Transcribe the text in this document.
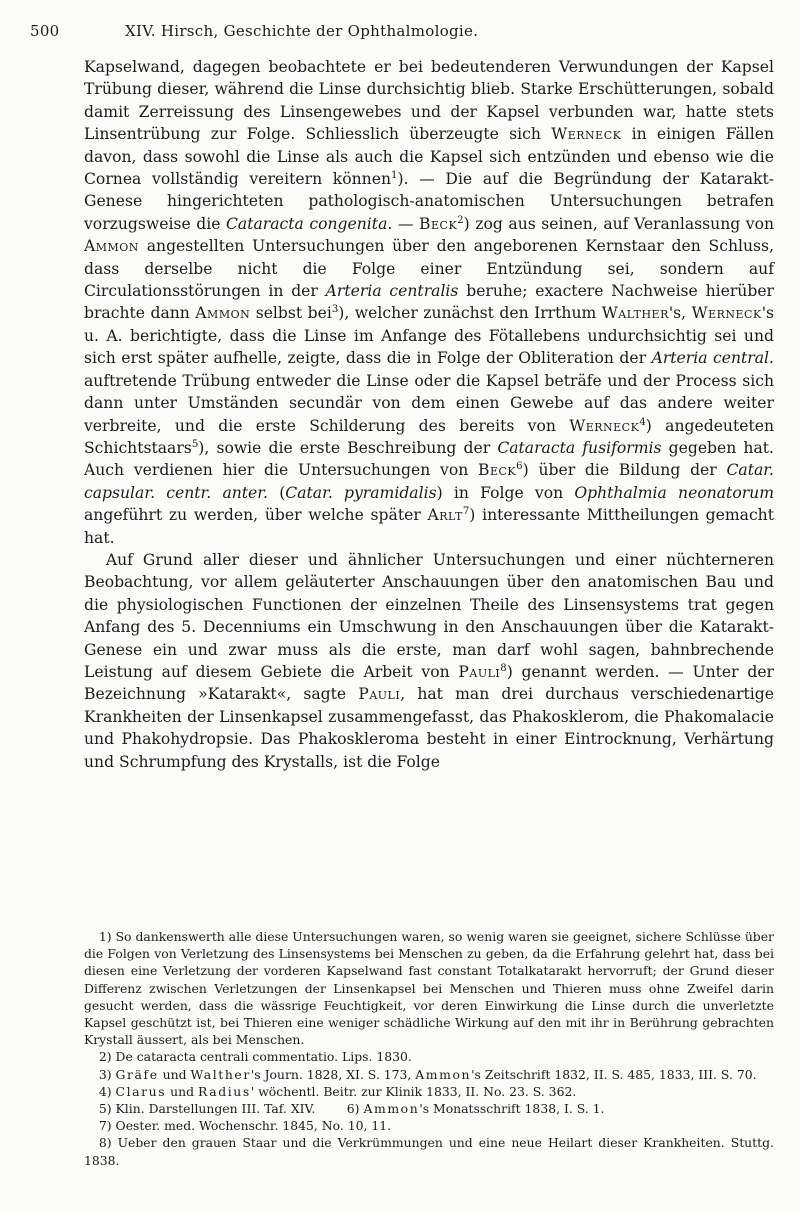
500	XIV. Hirsch, Geschichte der Ophthalmologie.

Kapselwand, dagegen beobachtete er bei bedeutenderen Verwundungen der Kapsel Trübung dieser, während die Linse durchsichtig blieb. Starke Erschütterungen, sobald damit Zerreissung des Linsengewebes und der Kapsel verbunden war, hatte stets Linsentrübung zur Folge. Schliesslich überzeugte sich Werneck in einigen Fällen davon, dass sowohl die Linse als auch die Kapsel sich entzünden und ebenso wie die Cornea vollständig vereitern können$^1$). — Die auf die Begründung der Katarakt-Genese hingerichteten pathologisch-anatomischen Untersuchungen betrafen vorzugsweise die Cataracta congenita. — Beck$^2$) zog aus seinen, auf Veranlassung von Ammon angestellten Untersuchungen über den angeborenen Kernstaar den Schluss, dass derselbe nicht die Folge einer Entzündung sei, sondern auf Circulationsstörungen in der Arteria centralis beruhe; exactere Nachweise hierüber brachte dann Ammon selbst bei$^3$), welcher zunächst den Irrthum Walther's, Werneck's u. A. berichtigte, dass die Linse im Anfange des Fötallebens undurchsichtig sei und sich erst später aufhelle, zeigte, dass die in Folge der Obliteration der Arteria central. auftretende Trübung entweder die Linse oder die Kapsel beträfe und der Process sich dann unter Umständen secundär von dem einen Gewebe auf das andere weiter verbreite, und die erste Schilderung des bereits von Werneck$^4$) angedeuteten Schichtstaars$^5$), sowie die erste Beschreibung der Cataracta fusiformis gegeben hat. Auch verdienen hier die Untersuchungen von Beck$^6$) über die Bildung der Catar. capsular. centr. anter. (Catar. pyramidalis) in Folge von Ophthalmia neonatorum angeführt zu werden, über welche später Arlt$^7$) interessante Mittheilungen gemacht hat.

Auf Grund aller dieser und ähnlicher Untersuchungen und einer nüchterneren Beobachtung, vor allem geläuterter Anschauungen über den anatomischen Bau und die physiologischen Functionen der einzelnen Theile des Linsensystems trat gegen Anfang des 5. Decenniums ein Umschwung in den Anschauungen über die Katarakt-Genese ein und zwar muss als die erste, man darf wohl sagen, bahnbrechende Leistung auf diesem Gebiete die Arbeit von Pauli$^8$) genannt werden. — Unter der Bezeichnung »Katarakt«, sagte Pauli, hat man drei durchaus verschiedenartige Krankheiten der Linsenkapsel zusammengefasst, das Phakosklerom, die Phakomalacie und Phakohydropsie. Das Phakoskleroma besteht in einer Eintrocknung, Verhärtung und Schrumpfung des Krystalls, ist die Folge

1) So dankenswerth alle diese Untersuchungen waren, so wenig waren sie geeignet, sichere Schlüsse über die Folgen von Verletzung des Linsensystems bei Menschen zu geben, da die Erfahrung gelehrt hat, dass bei diesen eine Verletzung der vorderen Kapselwand fast constant Totalkatarakt hervorruft; der Grund dieser Differenz zwischen Verletzungen der Linsenkapsel bei Menschen und Thieren muss ohne Zweifel darin gesucht werden, dass die wässrige Feuchtigkeit, vor deren Einwirkung die Linse durch die unverletzte Kapsel geschützt ist, bei Thieren eine weniger schädliche Wirkung auf den mit ihr in Berührung gebrachten Krystall äussert, als bei Menschen.

2) De cataracta centrali commentatio. Lips. 1830.

3) Gräfe und Walther's Journ. 1828, XI. S. 173, Ammon's Zeitschrift 1832, II. S. 485, 1833, III. S. 70.

4) Clarus und Radius' wöchentl. Beitr. zur Klinik 1833, II. No. 23. S. 362.

5) Klin. Darstellungen III. Taf. XIV.	6) Ammon's Monatsschrift 1838, I. S. 1.

7) Oester. med. Wochenschr. 1845, No. 10, 11.

8) Ueber den grauen Staar und die Verkrümmungen und eine neue Heilart dieser Krankheiten. Stuttg. 1838.
